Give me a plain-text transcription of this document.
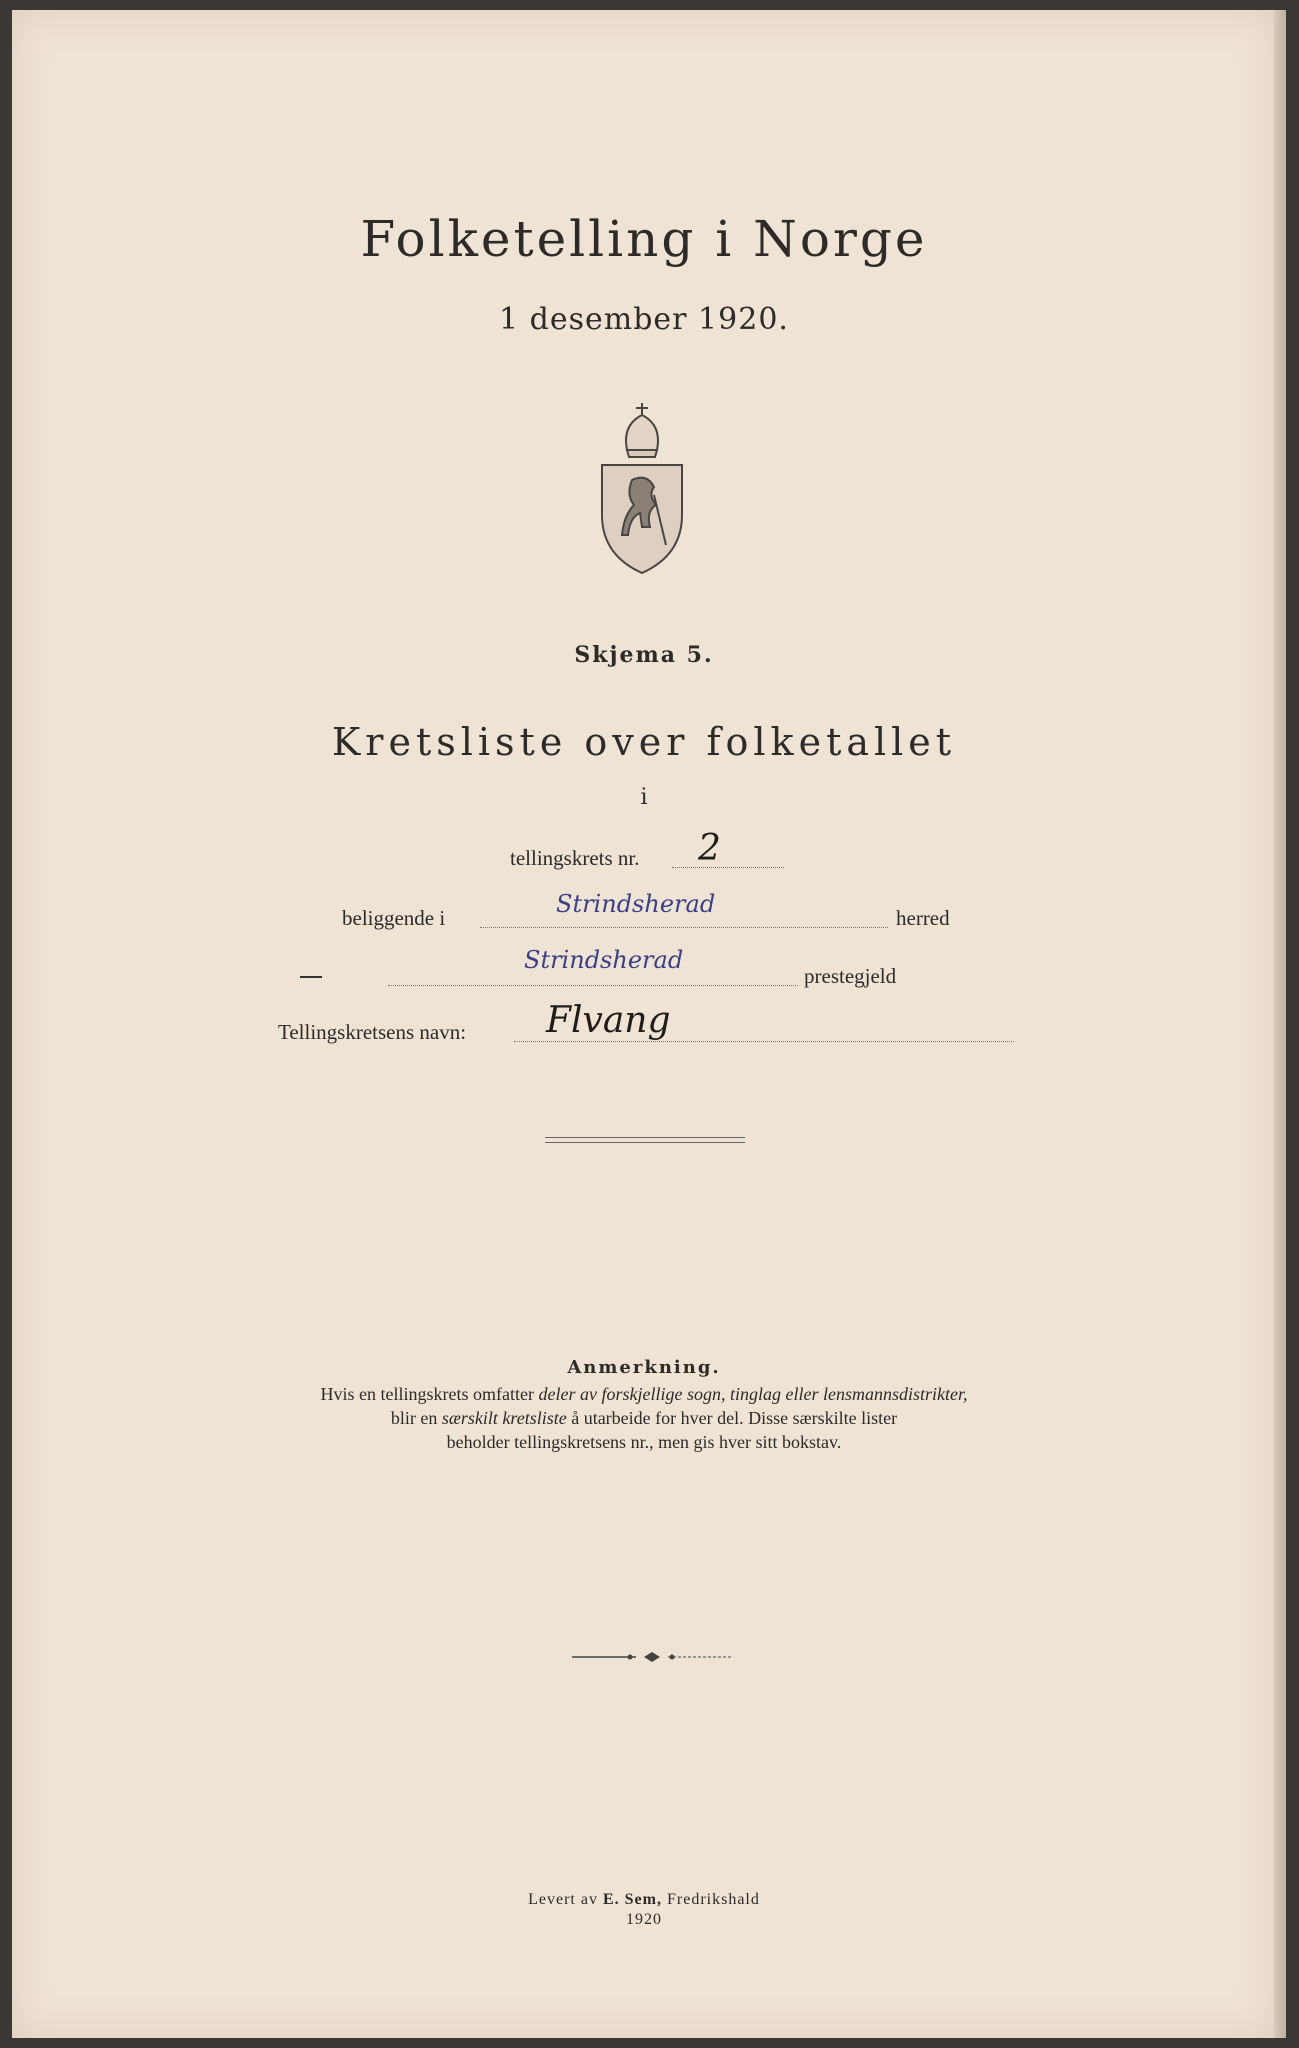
Folketelling i Norge
1 desember 1920.
Skjema 5.
Kretsliste over folketallet
i
tellingskrets nr. 2
beliggende i	Strindsherad	herred
Strindsherad
prestegjeld
Tellingskretsens navn: Flvang
Anmerkning.
Hvis en tellingskrets omfatter deler av forskjellige sogn, tinglag eller lensmannsdistrikter,
blir en særskilt kretsliste å utarbeide for hver del. Disse særskilte lister
beholder tellingskretsens nr., men gis hver sitt bokstav.
Levert av E. Sem, Fredrikshald
1920
